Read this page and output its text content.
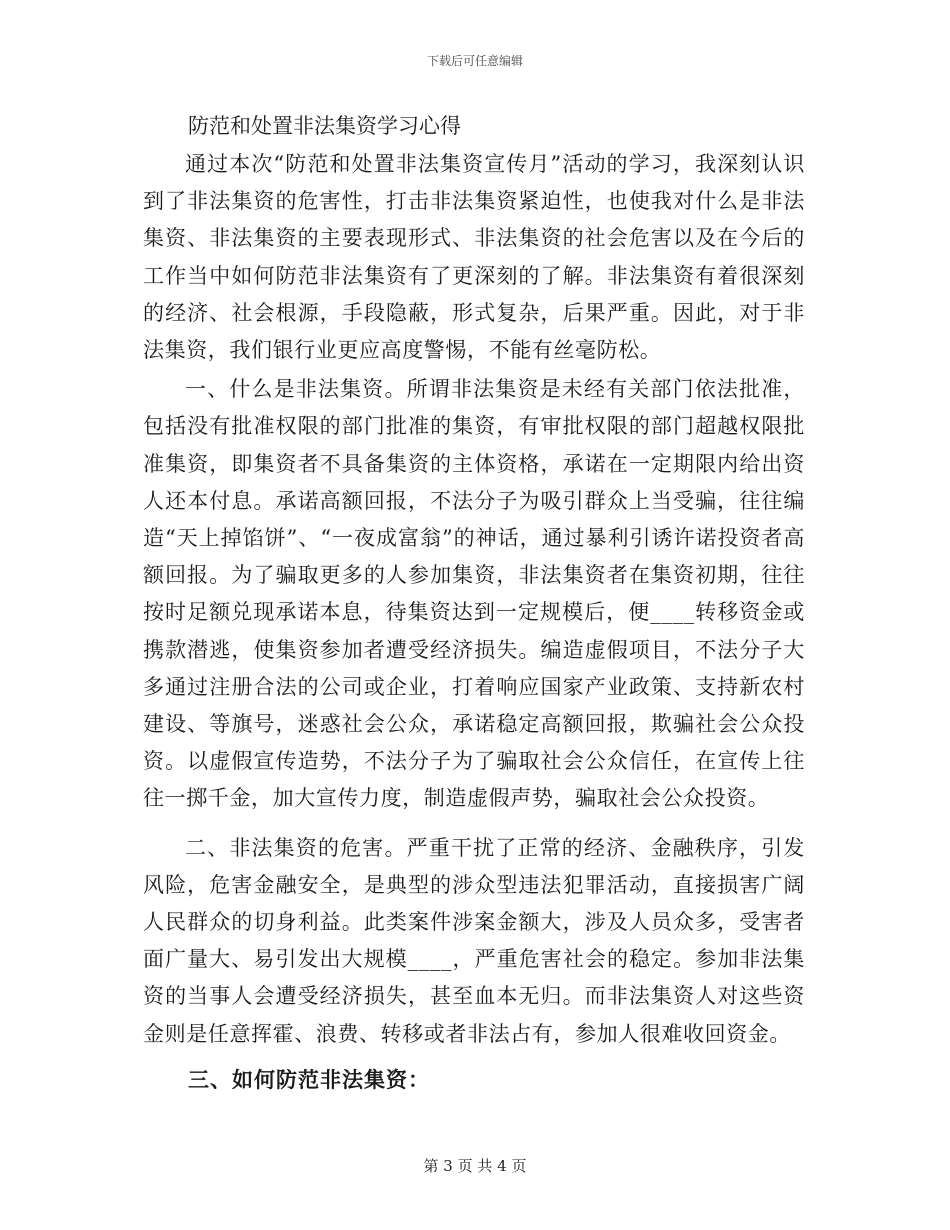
下载后可任意编辑
防范和处置非法集资学习心得

通过本次“防范和处置非法集资宣传月”活动的学习，我深刻认识到了非法集资的危害性，打击非法集资紧迫性，也使我对什么是非法集资、非法集资的主要表现形式、非法集资的社会危害以及在今后的工作当中如何防范非法集资有了更深刻的了解。非法集资有着很深刻的经济、社会根源，手段隐蔽，形式复杂，后果严重。因此，对于非法集资，我们银行业更应高度警惕，不能有丝毫防松。

一、什么是非法集资。所谓非法集资是未经有关部门依法批准，包括没有批准权限的部门批准的集资，有审批权限的部门超越权限批准集资，即集资者不具备集资的主体资格，承诺在一定期限内给出资人还本付息。承诺高额回报，不法分子为吸引群众上当受骗，往往编造“天上掉馅饼”、“一夜成富翁”的神话，通过暴利引诱许诺投资者高额回报。为了骗取更多的人参加集资，非法集资者在集资初期，往往按时足额兑现承诺本息，待集资达到一定规模后，便____转移资金或携款潜逃，使集资参加者遭受经济损失。编造虚假项目，不法分子大多通过注册合法的公司或企业，打着响应国家产业政策、支持新农村建设、等旗号，迷惑社会公众，承诺稳定高额回报，欺骗社会公众投资。以虚假宣传造势，不法分子为了骗取社会公众信任，在宣传上往往一掷千金，加大宣传力度，制造虚假声势，骗取社会公众投资。

二、非法集资的危害。严重干扰了正常的经济、金融秩序，引发风险，危害金融安全，是典型的涉众型违法犯罪活动，直接损害广阔人民群众的切身利益。此类案件涉案金额大，涉及人员众多，受害者面广量大、易引发出大规模____，严重危害社会的稳定。参加非法集资的当事人会遭受经济损失，甚至血本无归。而非法集资人对这些资金则是任意挥霍、浪费、转移或者非法占有，参加人很难收回资金。

三、如何防范非法集资：
第 3 页 共 4 页
